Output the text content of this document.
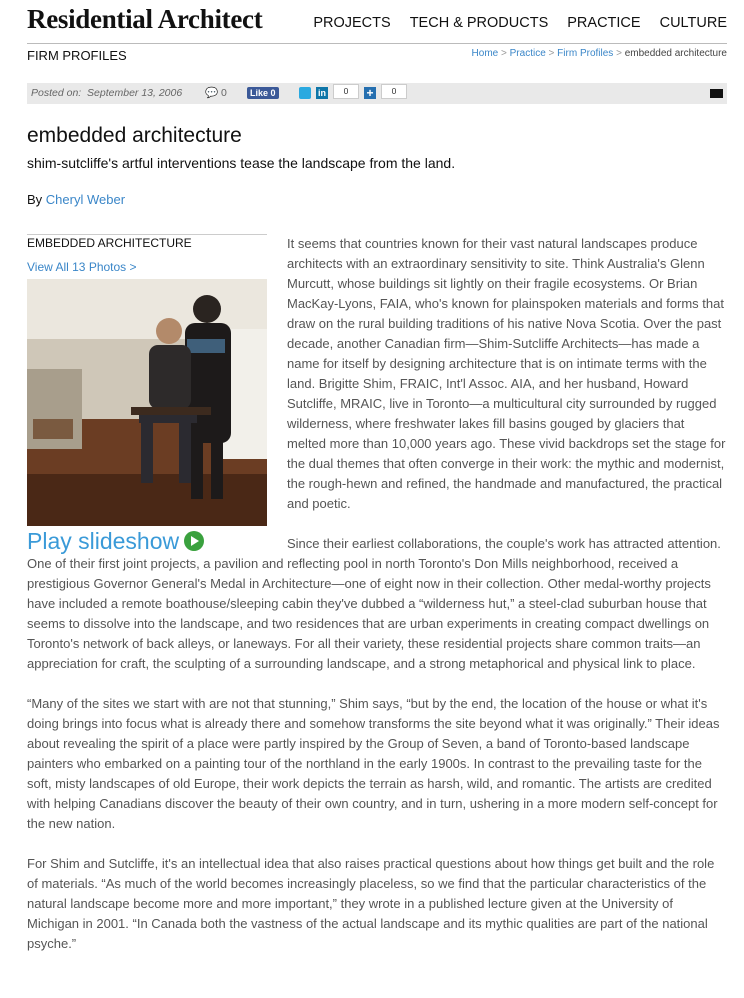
Residential Architect	PROJECTS TECH & PRODUCTS PRACTICE CULTURE
FIRM PROFILES	Home > Practice > Firm Profiles > embedded architecture
Posted on: September 13, 2006 💬 0	Like 0	in	0	+	0
embedded architecture
shim-sutcliffe's artful interventions tease the landscape from the land.
By Cheryl Weber

It seems that countries known for their vast natural landscapes produce architects with an extraordinary sensitivity to site. Think Australia's Glenn Murcutt, whose buildings sit lightly on their fragile ecosystems. Or Brian MacKay-Lyons, FAIA, who's known for plainspoken materials and forms that draw on the rural building traditions of his native Nova Scotia. Over the past decade, another Canadian firm—Shim-Sutcliffe Architects—has made a name for itself by designing architecture that is on intimate terms with the land. Brigitte Shim, FRAIC, Int'l Assoc. AIA, and her husband, Howard Sutcliffe, MRAIC, live in Toronto—a multicultural city surrounded by rugged wilderness, where freshwater lakes fill basins gouged by glaciers that melted more than 10,000 years ago. These vivid backdrops set the stage for the dual themes that often converge in their work: the mythic and modernist, the rough-hewn and refined, the handmade and manufactured, the practical and poetic.

Since their earliest collaborations, the couple's work has attracted attention. One of their first joint projects, a pavilion and reflecting pool in north Toronto's Don Mills neighborhood, received a prestigious Governor General's Medal in Architecture—one of eight now in their collection. Other medal-worthy projects have included a remote boathouse/sleeping cabin they've dubbed a “wilderness hut,” a steel-clad suburban house that seems to dissolve into the landscape, and two residences that are urban experiments in creating compact dwellings on Toronto's network of back alleys, or laneways. For all their variety, these residential projects share common traits—an appreciation for craft, the sculpting of a surrounding landscape, and a strong metaphorical and physical link to place.

“Many of the sites we start with are not that stunning,” Shim says, “but by the end, the location of the house or what it's doing brings into focus what is already there and somehow transforms the site beyond what it was originally.” Their ideas about revealing the spirit of a place were partly inspired by the Group of Seven, a band of Toronto-based landscape painters who embarked on a painting tour of the northland in the early 1900s. In contrast to the prevailing taste for the soft, misty landscapes of old Europe, their work depicts the terrain as harsh, wild, and romantic. The artists are credited with helping Canadians discover the beauty of their own country, and in turn, ushering in a more modern self-concept for the new nation.

For Shim and Sutcliffe, it's an intellectual idea that also raises practical questions about how things get built and the role of materials. “As much of the world becomes increasingly placeless, so we find that the particular characteristics of the natural landscape become more and more important,” they wrote in a published lecture given at the University of Michigan in 2001. “In Canada both the vastness of the actual landscape and its mythic qualities are part of the national psyche.”

EMBEDDED ARCHITECTURE
View All 13 Photos >
Play slideshow
